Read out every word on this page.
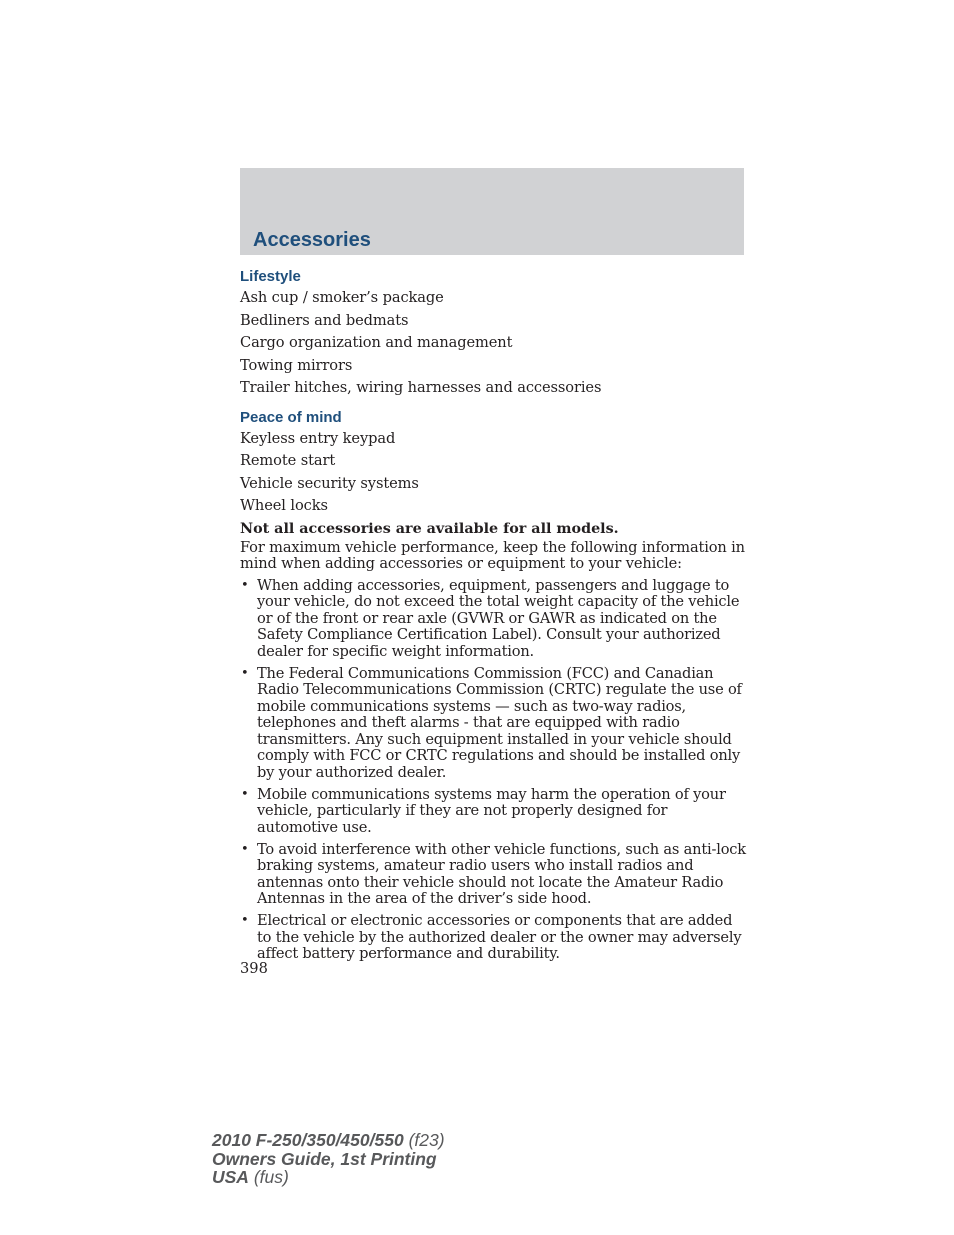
Accessories
Lifestyle

Ash cup / smoker’s package

Bedliners and bedmats

Cargo organization and management

Towing mirrors

Trailer hitches, wiring harnesses and accessories

Peace of mind

Keyless entry keypad

Remote start

Vehicle security systems

Wheel locks

Not all accessories are available for all models.

For maximum vehicle performance, keep the following information in mind when adding accessories or equipment to your vehicle:

• When adding accessories, equipment, passengers and luggage to your vehicle, do not exceed the total weight capacity of the vehicle or of the front or rear axle (GVWR or GAWR as indicated on the Safety Compliance Certification Label). Consult your authorized dealer for specific weight information.
• The Federal Communications Commission (FCC) and Canadian Radio Telecommunications Commission (CRTC) regulate the use of mobile communications systems — such as two-way radios, telephones and theft alarms - that are equipped with radio transmitters. Any such equipment installed in your vehicle should comply with FCC or CRTC regulations and should be installed only by your authorized dealer.
• Mobile communications systems may harm the operation of your vehicle, particularly if they are not properly designed for automotive use.
• To avoid interference with other vehicle functions, such as anti-lock braking systems, amateur radio users who install radios and antennas onto their vehicle should not locate the Amateur Radio Antennas in the area of the driver’s side hood.
• Electrical or electronic accessories or components that are added to the vehicle by the authorized dealer or the owner may adversely affect battery performance and durability.

398

2010 F-250/350/450/550 (f23)
Owners Guide, 1st Printing
USA (fus)
